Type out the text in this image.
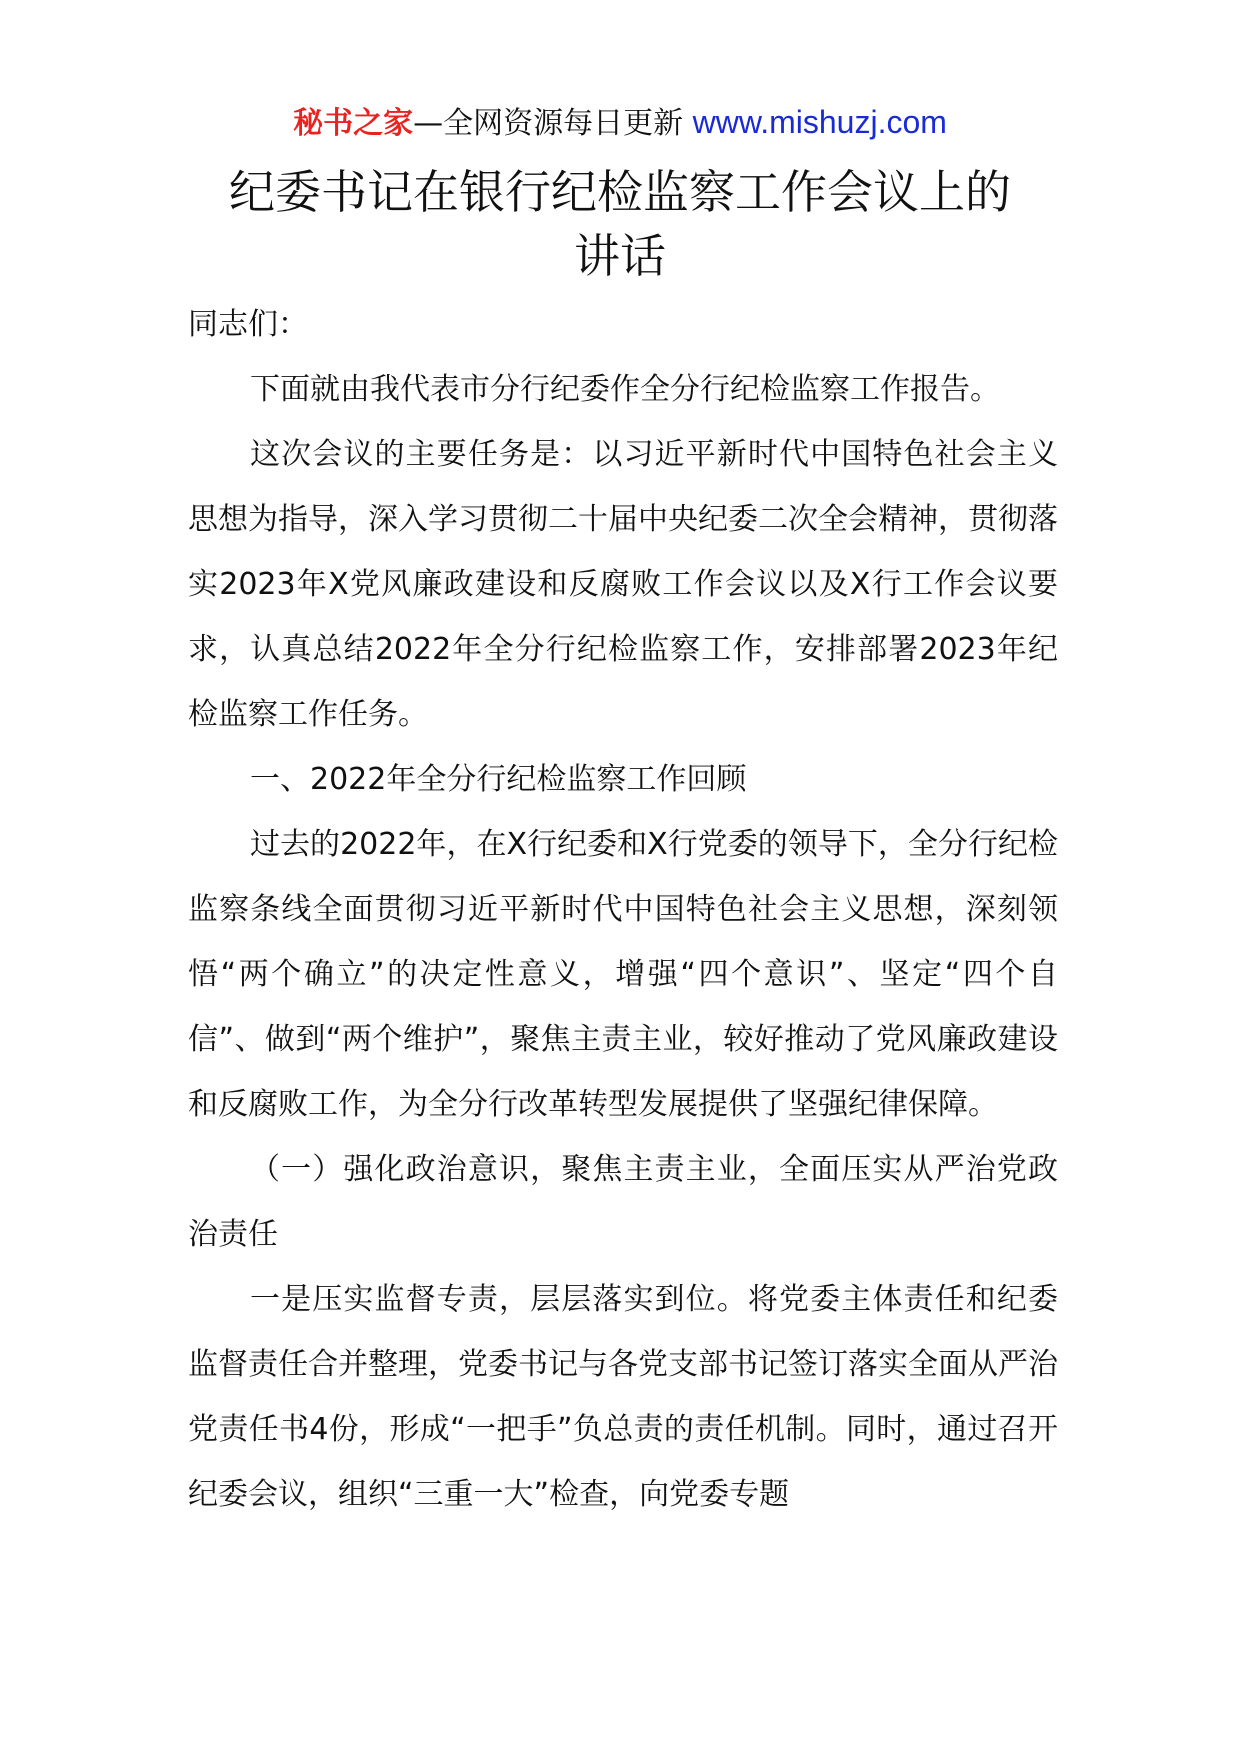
秘书之家—全网资源每日更新 www.mishuzj.com
纪委书记在银行纪检监察工作会议上的
讲话

同志们：

下面就由我代表市分行纪委作全分行纪检监察工作报告。

这次会议的主要任务是：以习近平新时代中国特色社会主义思想为指导，深入学习贯彻二十届中央纪委二次全会精神，贯彻落实2023年X党风廉政建设和反腐败工作会议以及X行工作会议要求，认真总结2022年全分行纪检监察工作，安排部署2023年纪检监察工作任务。

一、2022年全分行纪检监察工作回顾

过去的2022年，在X行纪委和X行党委的领导下，全分行纪检监察条线全面贯彻习近平新时代中国特色社会主义思想，深刻领悟“两个确立”的决定性意义，增强“四个意识”、坚定“四个自信”、做到“两个维护”，聚焦主责主业，较好推动了党风廉政建设和反腐败工作，为全分行改革转型发展提供了坚强纪律保障。

（一）强化政治意识，聚焦主责主业，全面压实从严治党政治责任

一是压实监督专责，层层落实到位。将党委主体责任和纪委监督责任合并整理，党委书记与各党支部书记签订落实全面从严治党责任书4份，形成“一把手”负总责的责任机制。同时，通过召开纪委会议，组织“三重一大”检查，向党委专题
